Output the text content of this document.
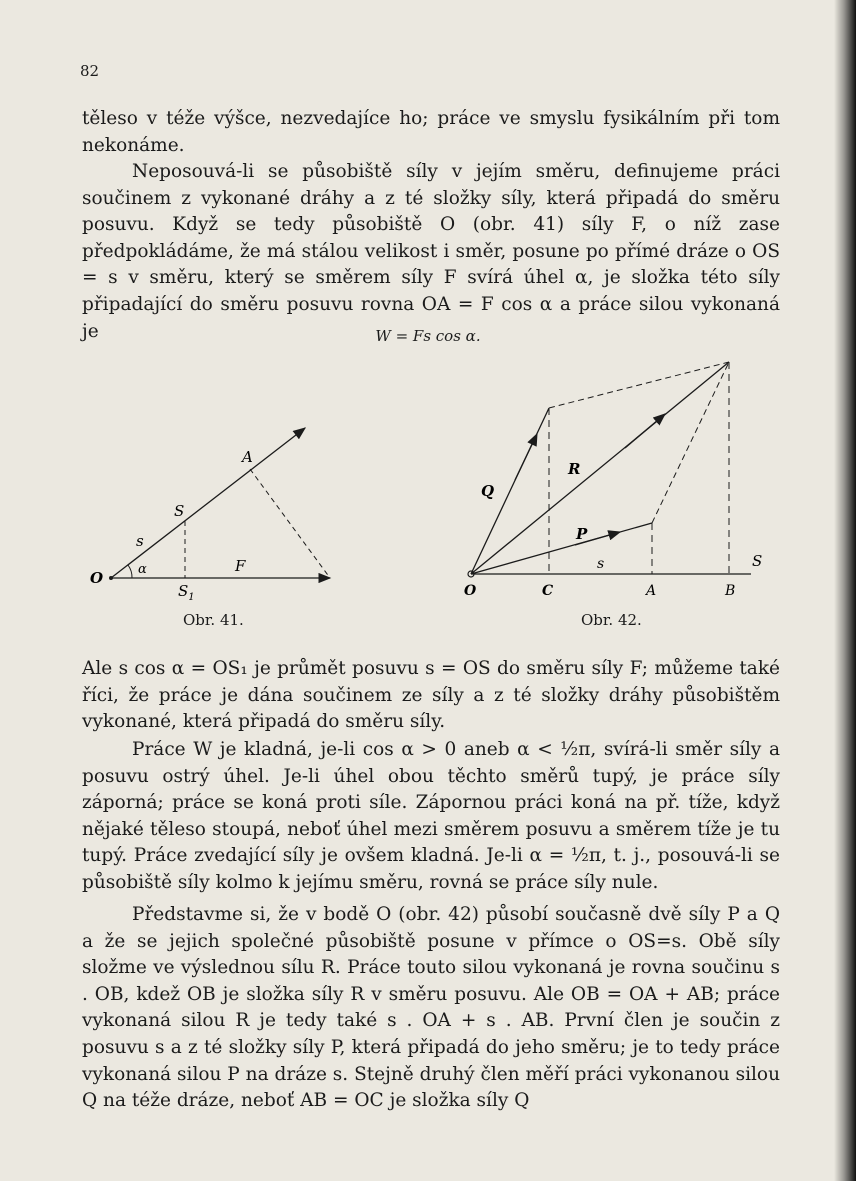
82

těleso v téže výšce, nezvedajíce ho; práce ve smyslu fysikálním při tom nekonáme.

Neposouvá-li se působiště síly v jejím směru, definujeme práci součinem z vykonané dráhy a z té složky síly, která připadá do směru posuvu. Když se tedy působiště O (obr. 41) síly F, o níž zase předpokládáme, že má stálou velikost i směr, posune po přímé dráze o OS = s v směru, který se směrem síly F svírá úhel α, je složka této síly připadající do směru posuvu rovna OA = F cos α a práce silou vykonaná je	W = Fs cos α.
O
A
S
s
α	F
$S_1$
Obr. 41.
Q
R
P
s	S
O	C	A	B
Obr. 42.

Ale s cos α = OS₁ je průmět posuvu s = OS do směru síly F; můžeme také říci, že práce je dána součinem ze síly a z té složky dráhy působištěm vykonané, která připadá do směru síly.

Práce W je kladná, je-li cos α > 0 aneb α < ½π, svírá-li směr síly a posuvu ostrý úhel. Je-li úhel obou těchto směrů tupý, je práce síly záporná; práce se koná proti síle. Zápornou práci koná na př. tíže, když nějaké těleso stoupá, neboť úhel mezi směrem posuvu a směrem tíže je tu tupý. Práce zvedající síly je ovšem kladná. Je-li α = ½π, t. j., posouvá-li se působiště síly kolmo k jejímu směru, rovná se práce síly nule.

Představme si, že v bodě O (obr. 42) působí současně dvě síly P a Q a že se jejich společné působiště posune v přímce o OS=s. Obě síly složme ve výslednou sílu R. Práce touto silou vykonaná je rovna součinu s . OB, kdež OB je složka síly R v směru posuvu. Ale OB = OA + AB; práce vykonaná silou R je tedy také s . OA + s . AB. První člen je součin z posuvu s a z té složky síly P, která připadá do jeho směru; je to tedy práce vykonaná silou P na dráze s. Stejně druhý člen měří práci vykonanou silou Q na téže dráze, neboť AB = OC je složka síly Q
